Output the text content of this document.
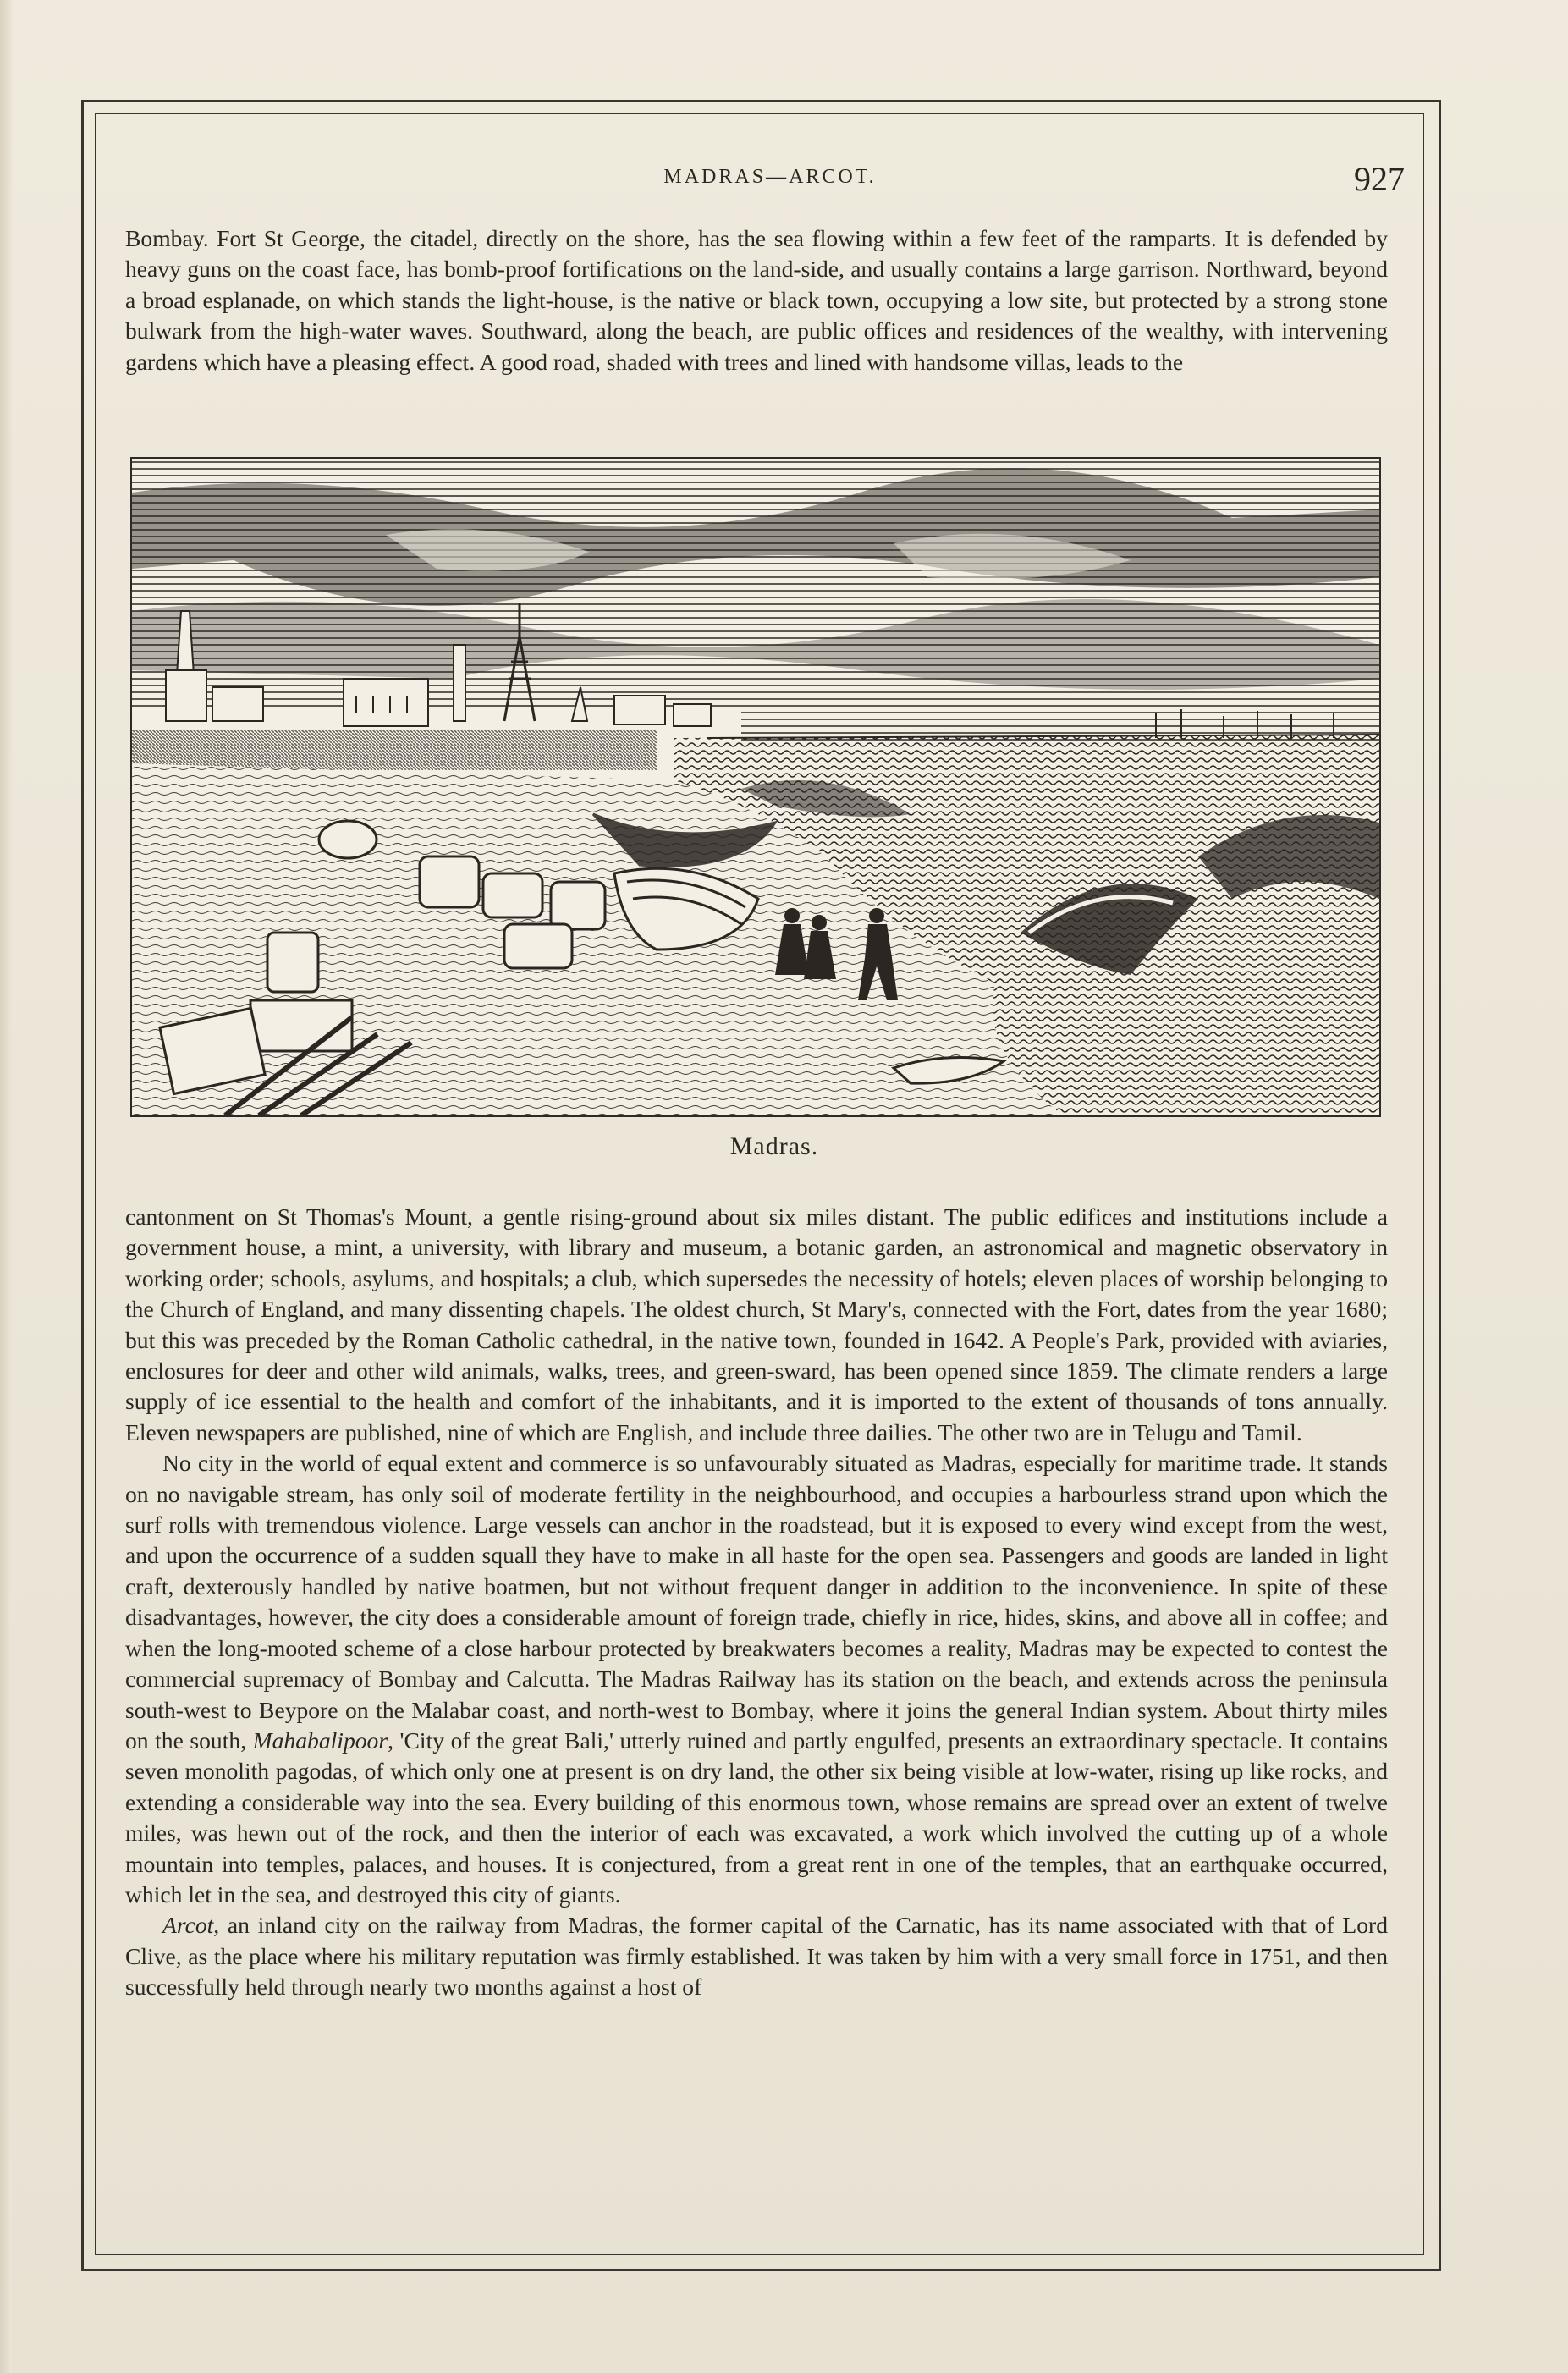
MADRAS—ARCOT.	927

Bombay. Fort St George, the citadel, directly on the shore, has the sea flowing within a few feet of the ramparts. It is defended by heavy guns on the coast face, has bomb-proof fortifications on the land-side, and usually contains a large garrison. Northward, beyond a broad esplanade, on which stands the light-house, is the native or black town, occupying a low site, but protected by a strong stone bulwark from the high-water waves. Southward, along the beach, are public offices and residences of the wealthy, with intervening gardens which have a pleasing effect. A good road, shaded with trees and lined with handsome villas, leads to the

Madras.

cantonment on St Thomas's Mount, a gentle rising-ground about six miles distant. The public edifices and institutions include a government house, a mint, a university, with library and museum, a botanic garden, an astronomical and magnetic observatory in working order; schools, asylums, and hospitals; a club, which supersedes the necessity of hotels; eleven places of worship belonging to the Church of England, and many dissenting chapels. The oldest church, St Mary's, connected with the Fort, dates from the year 1680; but this was preceded by the Roman Catholic cathedral, in the native town, founded in 1642. A People's Park, provided with aviaries, enclosures for deer and other wild animals, walks, trees, and green-sward, has been opened since 1859. The climate renders a large supply of ice essential to the health and comfort of the inhabitants, and it is imported to the extent of thousands of tons annually. Eleven newspapers are published, nine of which are English, and include three dailies. The other two are in Telugu and Tamil.

No city in the world of equal extent and commerce is so unfavourably situated as Madras, especially for maritime trade. It stands on no navigable stream, has only soil of moderate fertility in the neighbourhood, and occupies a harbourless strand upon which the surf rolls with tremendous violence. Large vessels can anchor in the roadstead, but it is exposed to every wind except from the west, and upon the occurrence of a sudden squall they have to make in all haste for the open sea. Passengers and goods are landed in light craft, dexterously handled by native boatmen, but not without frequent danger in addition to the inconvenience. In spite of these disadvantages, however, the city does a considerable amount of foreign trade, chiefly in rice, hides, skins, and above all in coffee; and when the long-mooted scheme of a close harbour protected by breakwaters becomes a reality, Madras may be expected to contest the commercial supremacy of Bombay and Calcutta. The Madras Railway has its station on the beach, and extends across the peninsula south-west to Beypore on the Malabar coast, and north-west to Bombay, where it joins the general Indian system. About thirty miles on the south, Mahabalipoor, 'City of the great Bali,' utterly ruined and partly engulfed, presents an extraordinary spectacle. It contains seven monolith pagodas, of which only one at present is on dry land, the other six being visible at low-water, rising up like rocks, and extending a considerable way into the sea. Every building of this enormous town, whose remains are spread over an extent of twelve miles, was hewn out of the rock, and then the interior of each was excavated, a work which involved the cutting up of a whole mountain into temples, palaces, and houses. It is conjectured, from a great rent in one of the temples, that an earthquake occurred, which let in the sea, and destroyed this city of giants.

Arcot, an inland city on the railway from Madras, the former capital of the Carnatic, has its name associated with that of Lord Clive, as the place where his military reputation was firmly established. It was taken by him with a very small force in 1751, and then successfully held through nearly two months against a host of
